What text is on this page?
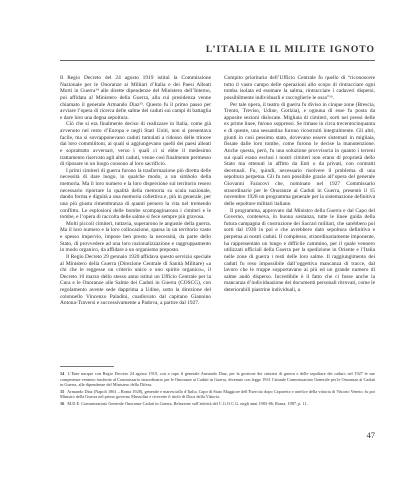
L’ITALIA E IL MILITE IGNOTO

Il Regio Decreto del 24 agosto 1919 istituì la Commissione Nazionale per le Onoranze ai Militari d’Italia e dei Paesi Alleati Morti in Guerra¹⁴ alle dirette dipendenze del Ministero dell’Interno, poi affidata al Ministero della Guerra, alla cui presidenza venne chiamato il generale Armando Diaz¹⁵. Questo fu il primo passo per avviare l’opera di ricerca delle salme dei caduti sui campi di battaglia e dare loro una degna sepoltura.

Ciò che si era finalmente deciso di realizzare in Italia, come già avvenuto nel resto d’Europa e negli Stati Uniti, non si presentava facile, ma si sovrapponevano caduti tumulati a ridosso delle trincee dai loro commilitoni, ai quali si aggiungevano quelli dei paesi alleati e soprattutto avversari, verso i quali ci si ebbe il medesimo trattamento riservato agli altri caduti, venne così finalmente permesso di riposare in un luogo consono al loro sacrificio.

I primi cimiteri di guerra furono la trasformazione più diretta delle necessità di dare luogo, in qualche modo, a un simbolo della memoria. Ma il loro numero e la loro dispersione sul territorio resero necessario riportare la qualità della memoria su scala nazionale, dando forma e dignità a una memoria collettiva e, più in generale, per una più giusta rimembranza di quanti persero la vita nel tremendo conflitto. Le esplosioni delle bombe scompaginarono i cimiteri e le tombe, e l’opera di raccolta delle salme si fece sempre più gravosa.

Molti piccoli cimiteri, tuttavia, superarono le angustie della guerra. Ma il loro numero e la loro collocazione, sparsa in un territorio vasto e spesso impervio, impose ben presto la necessità, da parte dello Stato, di provvedere ad una loro razionalizzazione e raggruppamento in modo organico, da affidare a un organismo preposto.

Il Regio Decreto 29 gennaio 1920 affidava questo servizio speciale al Ministero della Guerra (Direzione Centrale di Sanità Militare) «a chi che le reggesse un criterio unico e uno spirito organico», il Decreto 10 marzo dello stesso anno istituì un Ufficio Centrale per la Cura e le Onoranze alle Salme dei Caduti in Guerra (COSCG), con regolamento avente sede dapprima a Udine, sotto la direzione del colonnello Vincenzo Paladini, coadiuvato dal capitano Giannino Antona-Traversi e successivamente a Padova, a partire dal 1927.

Compito prioritario dell’Ufficio Centrale fu quello di “riconoscere tutto il vasto campo delle operazioni allo scopo di rintracciare ogni tomba isolata ed esumare la salma, rintracciare i cadaveri dispersi, possibilmente individuarli e raccoglierle le ossa”¹⁶.

Per tale opera, il teatro di guerra fu diviso in cinque zone (Brescia, Trento, Treviso, Udine, Gorizia), e ognuna di esse fu posta da apposite sezioni dislocate. Migliaia di cimiteri, sorti nei pressi delle ex prime linee, furono soppressi. Se rimase in circa trecentocinquanta e di queste, una sessantina furono ricostruiti integralmente. Gli altri, giunti in così pessimo stato, dovevano essere sistemati in migliaia, fissate dalle loro tombe, come furono le decise la manutenzione. Anche questa, però, fu una soluzione provvisoria in quanto i terreni sui quali erano esclusi i nostri cimiteri non erano di proprietà dello Stato ma ottenuti in affitto da Enti o da privati, con contratti decennali. Fu, quindi, necessario risolvere il problema di una sepoltura perpetua. Gli fu non possibile grazie all’opera del generale Giovanni Faracovi che, nominato nel 1927 Commissario straordinario per le Onoranze ai Caduti in Guerra, presentò il 15 novembre 1928 un programma generale per la sistemazione definitiva delle sepolture militari italiane.

Il programma, approvato dal Ministro della Guerra e dal Capo del Governo, conteneva, in buona sostanza, tutte le linee guida della futura campagna di costruzione dei Sacrari militari, che sarebbero poi sorti dal 1930 in poi e che avrebbero dato sepoltura definitiva e perpetua ai nostri caduti. Il complesso, straordinariamente imponente, ha rappresentato un lungo e difficile cammino, per il quale vennero utilizzati ufficiali della Guerra per la spedizione in Oriente e l’Italia nelle zone di guerra i resti delle loro salme. Il raggiungimento dei caduti fu reso impossibile dall’oggettiva mancanza di tracce, dal lavoro che le truppe sopportavano ai più ed un grande numero di salme andò disperso. Incredibile è il fatto che ci fosse anche la mancanza d’individuazione dei documenti personali ritrovati, come le deteriorabili piastrine individuali, a

14 L’Ente nacque con Regio Decreto 24 agosto 1919, con a capo il generale Armando Diaz, per la gestione dei cimiteri di guerra e delle sepolture dei caduti; nel 1927 le sue competenze vennero trasferite al Commissario straordinario per le Onoranze ai Caduti in Guerra, divenuto con legge 1931 l’attuale Commissariato Generale per le Onoranze ai Caduti in Guerra, alle dipendenze del Ministero della Difesa.

15 Armando Diaz (Napoli 1861 – Roma 1928), generale e maresciallo d’Italia, Capo di Stato Maggiore dell’Esercito dopo Caporetto e artefice della vittoria di Vittorio Veneto; fu poi Ministro della Guerra nel primo governo Mussolini e ricevette il titolo di Duca della Vittoria.

16 M.D.E. Commissariato Generale Onoranze Caduti in Guerra, Relazione sull’attività del C.G.O.C.G. negli anni 1983-86, Roma, 1987, p. 11.

47
